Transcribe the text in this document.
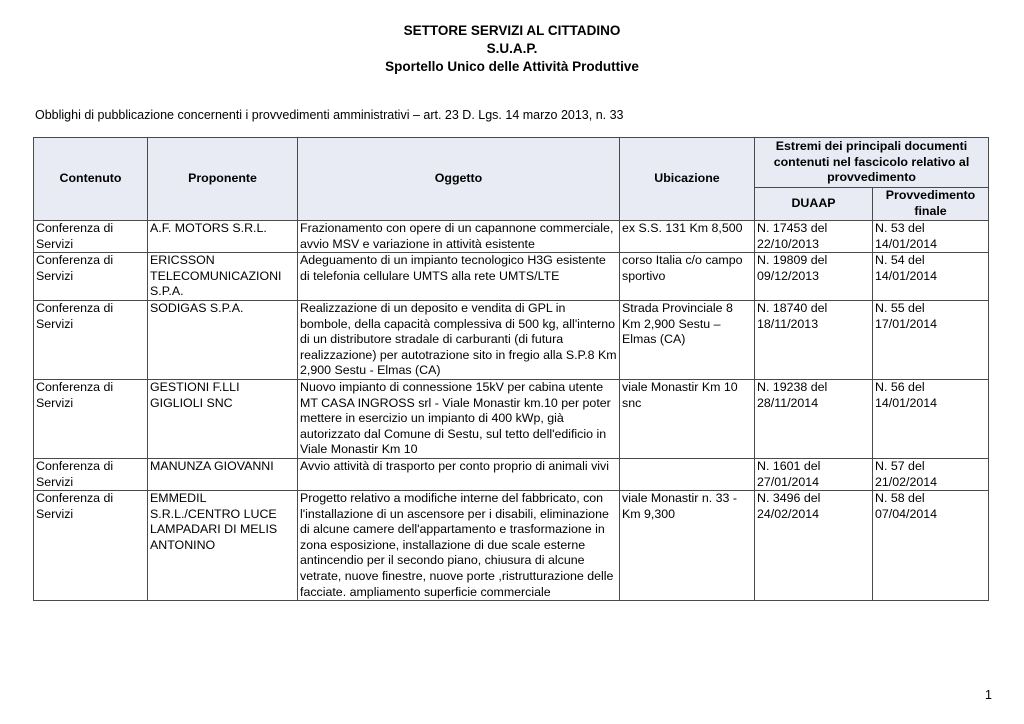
SETTORE SERVIZI AL CITTADINO
S.U.A.P.
Sportello Unico delle Attività Produttive
Obblighi di pubblicazione concernenti i provvedimenti amministrativi – art. 23 D. Lgs. 14 marzo 2013, n. 33
Contenuto	Proponente	Oggetto	Ubicazione	Estremi dei principali documenti contenuti nel fascicolo relativo al provvedimento	
				DUAAP	Provvedimento finale
Conferenza di Servizi	A.F. MOTORS S.R.L.	Frazionamento con opere di un capannone commerciale, avvio MSV e variazione in attività esistente	ex S.S. 131 Km 8,500	N. 17453 del 22/10/2013	N. 53 del 14/01/2014
Conferenza di Servizi	ERICSSON TELECOMUNICAZIONI S.P.A.	Adeguamento di un impianto tecnologico H3G esistente di telefonia cellulare UMTS alla rete UMTS/LTE	corso Italia c/o campo sportivo	N. 19809 del 09/12/2013	N. 54 del 14/01/2014
Conferenza di Servizi	SODIGAS S.P.A.	Realizzazione di un deposito e vendita di GPL in bombole, della capacità complessiva di 500 kg, all'interno di un distributore stradale di carburanti (di futura realizzazione) per autotrazione sito in fregio alla S.P.8 Km 2,900 Sestu - Elmas (CA)	Strada Provinciale 8 Km 2,900 Sestu – Elmas (CA)	N. 18740 del 18/11/2013	N. 55 del 17/01/2014
Conferenza di Servizi	GESTIONI F.LLI GIGLIOLI SNC	Nuovo impianto di connessione 15kV per cabina utente MT CASA INGROSS srl - Viale Monastir km.10 per poter mettere in esercizio un impianto di 400 kWp, già autorizzato dal Comune di Sestu, sul tetto dell'edificio in Viale Monastir Km 10	viale Monastir Km 10 snc	N. 19238 del 28/11/2014	N. 56 del 14/01/2014
Conferenza di Servizi	MANUNZA GIOVANNI	Avvio attività di trasporto per conto proprio di animali vivi		N. 1601 del 27/01/2014	N. 57 del 21/02/2014
Conferenza di Servizi	EMMEDIL S.R.L./CENTRO LUCE LAMPADARI DI MELIS ANTONINO	Progetto relativo a modifiche interne del fabbricato, con l'installazione di un ascensore per i disabili, eliminazione di alcune camere dell'appartamento e trasformazione in zona esposizione, installazione di due scale esterne antincendio per il secondo piano, chiusura di alcune vetrate, nuove finestre, nuove porte ,ristrutturazione delle facciate. ampliamento superficie commerciale	viale Monastir n. 33 - Km 9,300	N. 3496 del 24/02/2014	N. 58 del 07/04/2014
1
